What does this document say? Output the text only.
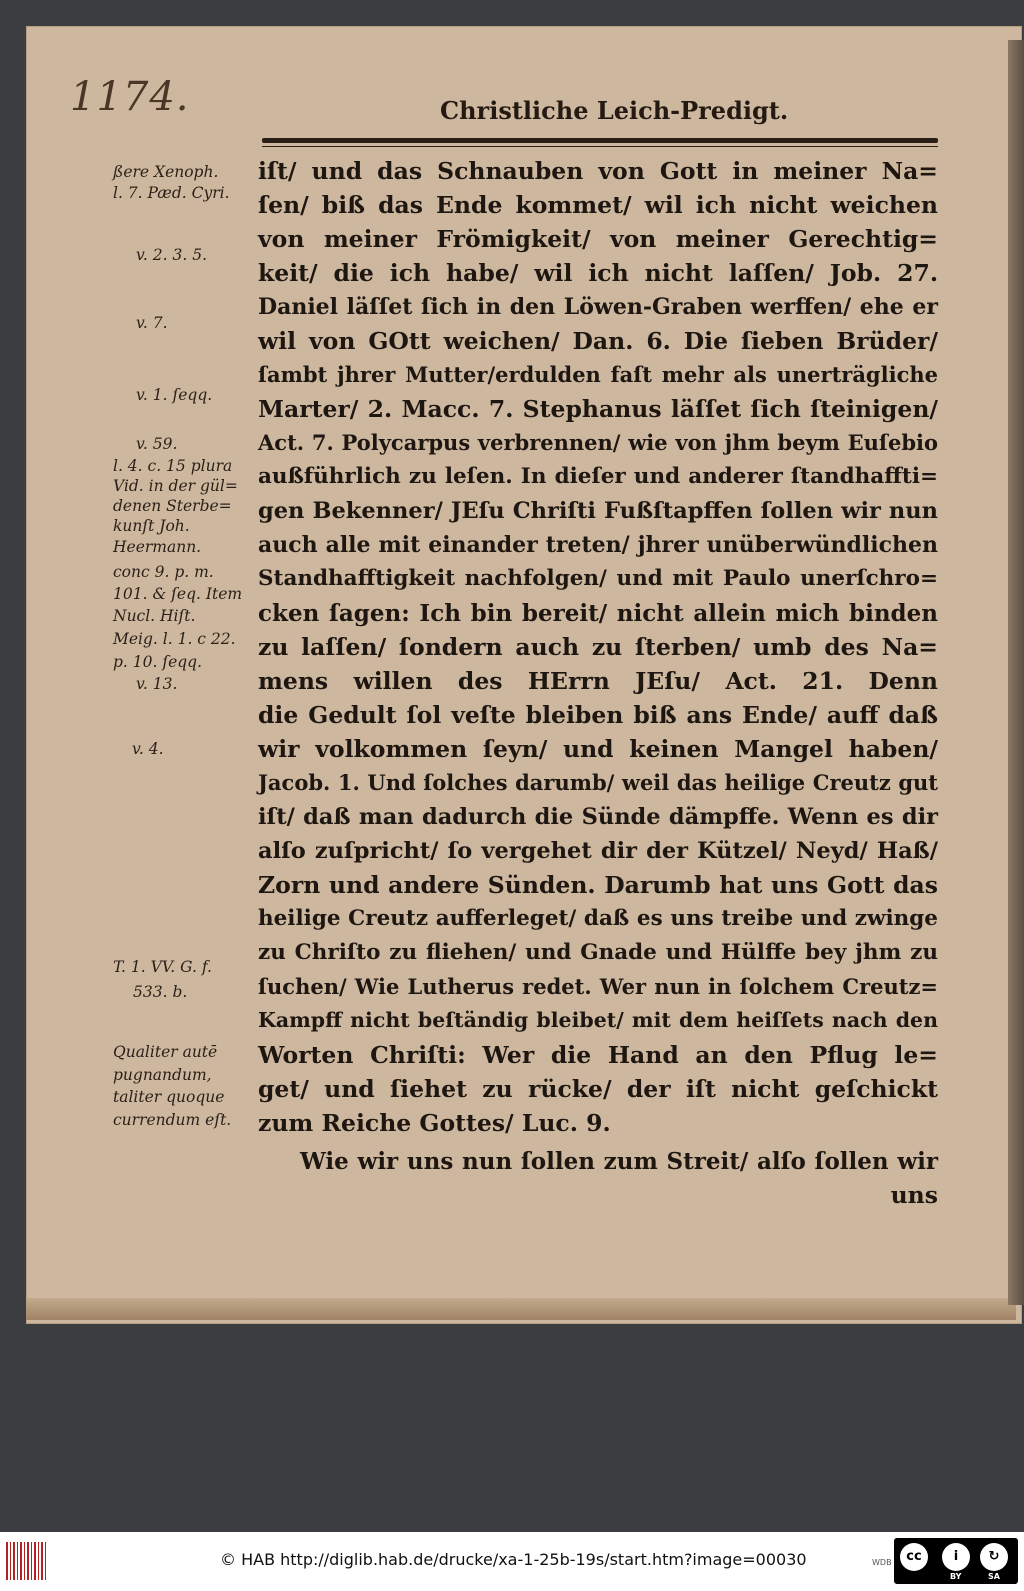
1174.	Christliche Leich-Predigt.
ßere Xenoph.
l. 7. Pæd. Cyri.
v. 2. 3. 5.
v. 7.
v. 1. ſeqq.
v. 59.
l. 4. c. 15 plura
Vid. in der gül=
denen Sterbe=
kunſt Joh.
Heermann.
conc 9. p. m.
101. & ſeq. Item
Nucl. Hiſt.
Meig. l. 1. c 22.
p. 10. ſeqq.
v. 13.
v. 4.
T. 1. VV. G. f.
533. b.
Qualiter autē
pugnandum,
taliter quoque
currendum eſt.
iſt/ und das Schnauben von Gott in meiner Na=
ſen/ biß das Ende kommet/ wil ich nicht weichen
von meiner Frömigkeit/ von meiner Gerechtig=
keit/ die ich habe/ wil ich nicht laſſen/ Job. 27.
Daniel läſſet ſich in den Löwen-Graben werffen/ ehe er
wil von GOtt weichen/ Dan. 6. Die ſieben Brüder/
ſambt jhrer Mutter/erdulden faſt mehr als unerträgliche
Marter/ 2. Macc. 7. Stephanus läſſet ſich ſteinigen/
Act. 7. Polycarpus verbrennen/ wie von jhm beym Euſebio
außführlich zu leſen. In dieſer und anderer ſtandhaffti=
gen Bekenner/ JEſu Chriſti Fußſtapffen ſollen wir nun
auch alle mit einander treten/ jhrer unüberwündlichen
Standhafftigkeit nachfolgen/ und mit Paulo unerſchro=
cken ſagen: Ich bin bereit/ nicht allein mich binden
zu laſſen/ ſondern auch zu ſterben/ umb des Na=
mens willen des HErrn JEſu/ Act. 21. Denn
die Gedult ſol veſte bleiben biß ans Ende/ auff daß
wir volkommen ſeyn/ und keinen Mangel haben/
Jacob. 1. Und ſolches darumb/ weil das heilige Creutz gut
iſt/ daß man dadurch die Sünde dämpffe. Wenn es dir
alſo zuſpricht/ ſo vergehet dir der Kützel/ Neyd/ Haß/
Zorn und andere Sünden. Darumb hat uns Gott das
heilige Creutz aufferleget/ daß es uns treibe und zwinge
zu Chriſto zu fliehen/ und Gnade und Hülffe bey jhm zu
ſuchen/ Wie Lutherus redet. Wer nun in ſolchem Creutz=
Kampff nicht beſtändig bleibet/ mit dem heiſſets nach den
Worten Chriſti: Wer die Hand an den Pflug le=
get/ und ſiehet zu rücke/ der iſt nicht geſchickt
zum Reiche Gottes/ Luc. 9.
Wie wir uns nun ſollen zum Streit/ alſo ſollen wir
uns
© HAB http://diglib.hab.de/drucke/xa-1-25b-19s/start.htm?image=00030	WDB	cc	i	↻
BY	SA
